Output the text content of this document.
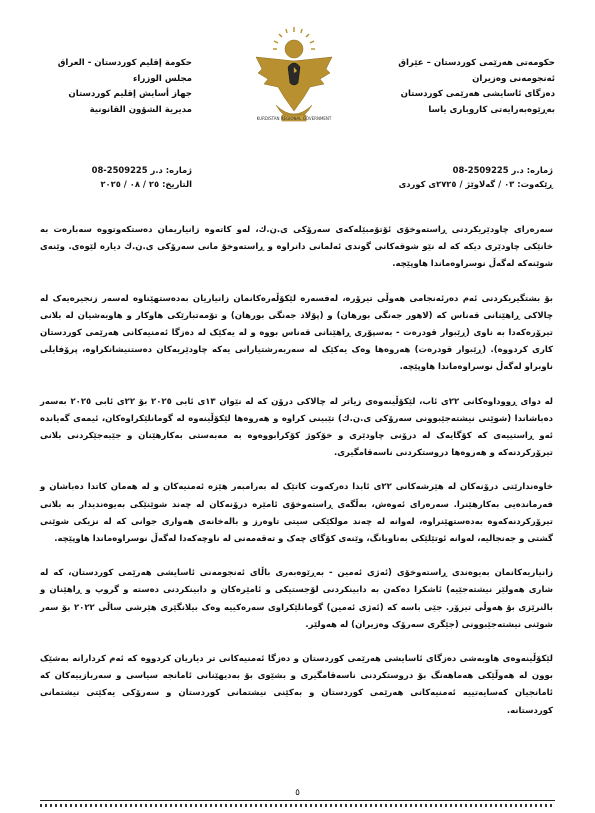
حکومەتی هەرێمی کوردستان – عێراق
ئەنجومەنی وەزیران
دەزگای ئاسایشی هەرێمی کوردستان
بەڕێوەبەرایەتی کاروباری یاسا
KURDISTAN REGIONAL GOVERNMENT
حكومة إقليم كوردستان - العراق
مجلس الوزراء
جهاز أسايش إقليم كوردستان
مديرية الشؤون القانونية
ژمارە: د.ر 2509225-08
ڕێکەوت: ٠٣ / گەلاوێژ / ٢٧٢٥ی کوردی
ژمارە: د.ر 2509225-08
التاريخ: ٢٥ / ٠٨ / ٢٠٢٥

سەرەرای چاودێریکردنی ڕاستەوخۆی ئۆتۆمبێلەکەی سەرۆکی ی.ن.ك، لەو کاتەوە زانیاریمان دەستکەوتووە سەبارەت بە خانێکی چاودێری دیکە کە لە نێو شوقەکانی گوندی ئەلمانی دانراوە و ڕاستەوخۆ مانی سەرۆکی ی.ن.ك دیارە لێوەی. وێنەی شوێنەکە لەگەڵ نوسراوەماندا هاوپێچە.

بۆ بشتگیریکردنی ئەم دەرئەنجامی هەوڵی تیرۆرە، لەفسەرە لێکۆڵەرەکانمان زانیاریان بەدەستهێناوە لەسەر زنجیرەیەک لە چالاکی ڕاهێنانی قەناس کە (لاهور جەنگی بورهان) و (پۆلاد جەنگی بورهان) و تۆمەتبارێکی هاوکار و هاوبەشیان لە بلانی تیرۆرەکەدا بە ناوی (ڕێبوار قودرەت - بەسپۆری ڕاهێنانی قەناس بووە و لە یەکێک لە دەزگا ئەمنیەکانی هەرێمی کوردستان کاری کردووە). (ڕێبوار قودرەت) هەروەها وەک یەکێک لە سەربەرشتیارانی یەکە چاودێریەکان دەستنیشانکراوە، پرۆفایلی ناوبراو لەگەڵ نوسراوەماندا هاوپێچە.

لە دوای ڕووداوەکانی ٢٢ی ئاب، لێکۆڵینەوەی زیاتر لە چالاکی درۆن کە لە نێوان ١٣ی ئابی ٢٠٢٥ بۆ ٢٢ی ئابی ٢٠٢٥ بەسەر دەباشاندا (شوێنی نیشتەجێبوونی سەرۆکی ی.ن.ك) تێبینی کراوە و هەروەها لێکۆڵینەوە لە گومانلێکراوەکان، ئیمەی گەیاندە ئەو ڕاستییەی کە کۆگایەک لە درۆنی چاودێری و خۆکوژ کۆکرابووەوە بە مەبەستی بەکارهێنان و جێبەجێکردنی بلانی تیرۆرکردنەکە و هەروەها دروستکردنی ناسەقامگیری.

خاوەندارێتی درۆنەکان لە هێرشەکانی ٢٢ی ئابدا دەرکەوت کاتێک لە بەرامبەر هێزە ئەمنیەکان و لە هەمان کاتدا دەباشان و فەرماندەیی بەکارهێنرا. سەرەرای ئەوەش، بەڵگەی ڕاستەوخۆی ئامێرە درۆنەکان لە چەند شوێنێکی بەیوەندیدار بە بلانی تیرۆرکردنەکەوە بەدەستهێنراوە، لەوانە لە چەند مولکێکی سیتی تاوەرز و بالەخانەی هەواری جوانی کە لە نزیکی شوێنی گشتی و جەنجالیە، لەوانە ئوتێلێکی بەناوبانگ، وێنەی کۆگای چەک و تەقەمەنی لە ناوچەکەدا لەگەڵ نوسراوەماندا هاوپێچە.

زانیاریەکانمان بەیوەندی ڕاستەوخۆی (ئەژی ئەمین - بەڕێوەبەری باڵای ئەنجومەنی ئاسایشی هەرێمی کوردستان، کە لە شاری هەولێر نیشتەجێیە) ئاشکرا دەکەن بە دابینکردنی لۆجستیکی و ئامێرەکان و دابینکردنی دەستە و گروپ و ڕاهێنان و بالنرێزی بۆ هەوڵی تیرۆر. جێی باسە کە (ئەژی ئەمین) گومانلێکراوی سەرەکییە وەک بیلانگێری هێرشی ساڵی ٢٠٢٢ بۆ سەر شوێنی نیشتەجێبوونی (جێگری سەرۆک وەزیران) لە هەولێر.

لێکۆڵینەوەی هاوبەشی دەزگای ئاسایشی هەرێمی کوردستان و دەزگا ئەمنیەکانی تر دیاریان کردووە کە ئەم کردارانە بەشێک بوون لە هەوڵێکی هەماهەنگ بۆ دروستکردنی ناسەقامگیری و بشێوی بۆ بەدیهێنانی ئامانجە سیاسی و سەربازییەکان کە ئامانجیان کەسایەتییە ئەمنیەکانی هەرێمی کوردستان و بەکێنی نیشتمانی کوردستان و سەرۆکی یەکێتی نیشتمانی کوردستانە.

٥
